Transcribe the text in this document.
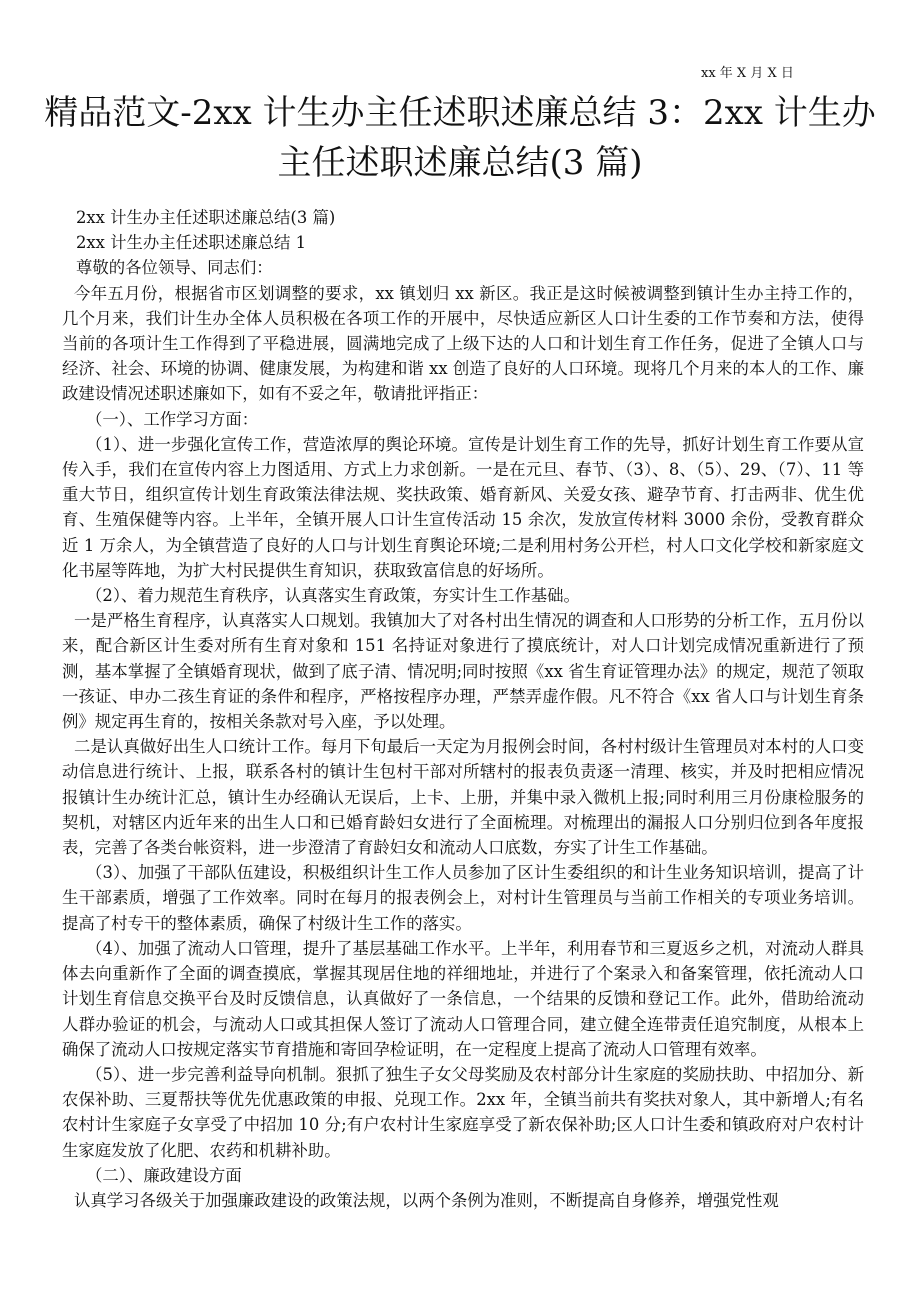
xx 年 X 月 X 日
精品范文-2xx 计生办主任述职述廉总结 3：2xx 计生办主任述职述廉总结(3 篇)

2xx 计生办主任述职述廉总结(3 篇)

2xx 计生办主任述职述廉总结 1

尊敬的各位领导、同志们：

今年五月份，根据省市区划调整的要求，xx 镇划归 xx 新区。我正是这时候被调整到镇计生办主持工作的，几个月来，我们计生办全体人员积极在各项工作的开展中，尽快适应新区人口计生委的工作节奏和方法，使得当前的各项计生工作得到了平稳进展，圆满地完成了上级下达的人口和计划生育工作任务，促进了全镇人口与经济、社会、环境的协调、健康发展，为构建和谐 xx 创造了良好的人口环境。现将几个月来的本人的工作、廉政建设情况述职述廉如下，如有不妥之年，敬请批评指正：

（一）、工作学习方面：

（1）、进一步强化宣传工作，营造浓厚的舆论环境。宣传是计划生育工作的先导，抓好计划生育工作要从宣传入手，我们在宣传内容上力图适用、方式上力求创新。一是在元旦、春节、（3）、8、（5）、29、（7）、11 等重大节日，组织宣传计划生育政策法律法规、奖扶政策、婚育新风、关爱女孩、避孕节育、打击两非、优生优育、生殖保健等内容。上半年，全镇开展人口计生宣传活动 15 余次，发放宣传材料 3000 余份，受教育群众近 1 万余人，为全镇营造了良好的人口与计划生育舆论环境;二是利用村务公开栏，村人口文化学校和新家庭文化书屋等阵地，为扩大村民提供生育知识，获取致富信息的好场所。

（2）、着力规范生育秩序，认真落实生育政策，夯实计生工作基础。

一是严格生育程序，认真落实人口规划。我镇加大了对各村出生情况的调查和人口形势的分析工作，五月份以来，配合新区计生委对所有生育对象和 151 名持证对象进行了摸底统计，对人口计划完成情况重新进行了预测，基本掌握了全镇婚育现状，做到了底子清、情况明;同时按照《xx 省生育证管理办法》的规定，规范了领取一孩证、申办二孩生育证的条件和程序，严格按程序办理，严禁弄虚作假。凡不符合《xx 省人口与计划生育条例》规定再生育的，按相关条款对号入座，予以处理。

二是认真做好出生人口统计工作。每月下旬最后一天定为月报例会时间，各村村级计生管理员对本村的人口变动信息进行统计、上报，联系各村的镇计生包村干部对所辖村的报表负责逐一清理、核实，并及时把相应情况报镇计生办统计汇总，镇计生办经确认无误后，上卡、上册，并集中录入微机上报;同时利用三月份康检服务的契机，对辖区内近年来的出生人口和已婚育龄妇女进行了全面梳理。对梳理出的漏报人口分别归位到各年度报表，完善了各类台帐资料，进一步澄清了育龄妇女和流动人口底数，夯实了计生工作基础。

（3）、加强了干部队伍建设，积极组织计生工作人员参加了区计生委组织的和计生业务知识培训，提高了计生干部素质，增强了工作效率。同时在每月的报表例会上，对村计生管理员与当前工作相关的专项业务培训。提高了村专干的整体素质，确保了村级计生工作的落实。

（4）、加强了流动人口管理，提升了基层基础工作水平。上半年，利用春节和三夏返乡之机，对流动人群具体去向重新作了全面的调查摸底，掌握其现居住地的祥细地址，并进行了个案录入和备案管理，依托流动人口计划生育信息交换平台及时反馈信息，认真做好了一条信息，一个结果的反馈和登记工作。此外，借助给流动人群办验证的机会，与流动人口或其担保人签订了流动人口管理合同，建立健全连带责任追究制度，从根本上确保了流动人口按规定落实节育措施和寄回孕检证明，在一定程度上提高了流动人口管理有效率。

（5）、进一步完善利益导向机制。狠抓了独生子女父母奖励及农村部分计生家庭的奖励扶助、中招加分、新农保补助、三夏帮扶等优先优惠政策的申报、兑现工作。2xx 年，全镇当前共有奖扶对象人，其中新增人;有名农村计生家庭子女享受了中招加 10 分;有户农村计生家庭享受了新农保补助;区人口计生委和镇政府对户农村计生家庭发放了化肥、农药和机耕补助。

（二）、廉政建设方面

认真学习各级关于加强廉政建设的政策法规，以两个条例为准则，不断提高自身修养，增强党性观
